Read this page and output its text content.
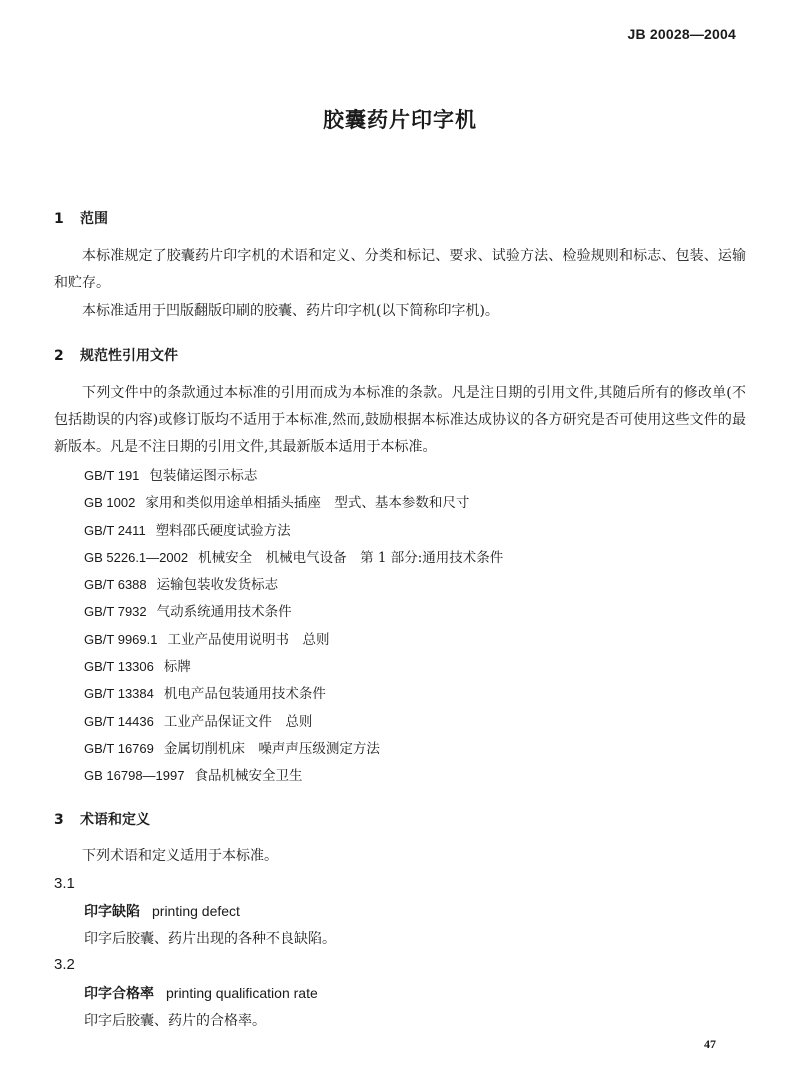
JB 20028—2004
胶囊药片印字机
1 范围

本标准规定了胶囊药片印字机的术语和定义、分类和标记、要求、试验方法、检验规则和标志、包装、运输和贮存。

本标准适用于凹版翻版印刷的胶囊、药片印字机(以下简称印字机)。

2 规范性引用文件

下列文件中的条款通过本标准的引用而成为本标准的条款。凡是注日期的引用文件,其随后所有的修改单(不包括勘误的内容)或修订版均不适用于本标准,然而,鼓励根据本标准达成协议的各方研究是否可使用这些文件的最新版本。凡是不注日期的引用文件,其最新版本适用于本标准。

GB/T 191 包装储运图示标志
GB 1002 家用和类似用途单相插头插座　型式、基本参数和尺寸
GB/T 2411 塑料邵氏硬度试验方法
GB 5226.1—2002 机械安全　机械电气设备　第 1 部分:通用技术条件
GB/T 6388 运输包装收发货标志
GB/T 7932 气动系统通用技术条件
GB/T 9969.1 工业产品使用说明书　总则
GB/T 13306 标牌
GB/T 13384 机电产品包装通用技术条件
GB/T 14436 工业产品保证文件　总则
GB/T 16769 金属切削机床　噪声声压级测定方法
GB 16798—1997 食品机械安全卫生
3 术语和定义

下列术语和定义适用于本标准。

3.1

印字缺陷 printing defect

印字后胶囊、药片出现的各种不良缺陷。

3.2

印字合格率 printing qualification rate

印字后胶囊、药片的合格率。

47
